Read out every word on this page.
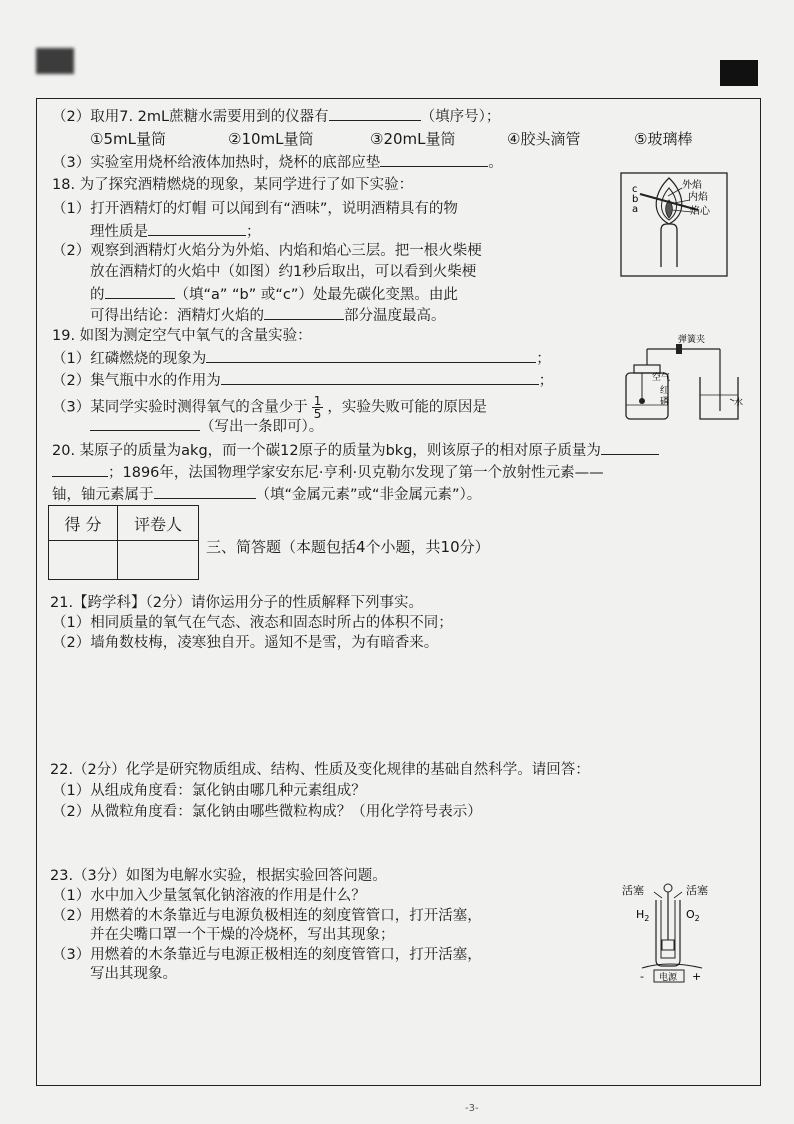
（2）取用7. 2mL蔗糖水需要用到的仪器有	（填序号）；
①5mL量筒	②10mL量筒	③20mL量筒	④胶头滴管	⑤玻璃棒
（3）实验室用烧杯给液体加热时，烧杯的底部应垫	。
18. 为了探究酒精燃烧的现象，某同学进行了如下实验：
（1）打开酒精灯的灯帽 可以闻到有“酒味”，说明酒精具有的物
理性质是	；
（2）观察到酒精灯火焰分为外焰、内焰和焰心三层。把一根火柴梗
放在酒精灯的火焰中（如图）约1秒后取出，可以看到火柴梗
的	（填“a” “b” 或“c”）处最先碳化变黑。由此
可得出结论：酒精灯火焰的	部分温度最高。
外焰
内焰
焰心
c
b
a
19. 如图为测定空气中氧气的含量实验：
（1）红磷燃烧的现象为	；
（2）集气瓶中水的作用为	；
（3）某同学实验时测得氧气的含量少于 $\frac{1}{5}$ ，实验失败可能的原因是
（写出一条即可）。
弹簧夹
空气
红
磷	水
20. 某原子的质量为akg，而一个碳12原子的质量为bkg，则该原子的相对原子质量为
；1896年，法国物理学家安东尼·亨利·贝克勒尔发现了第一个放射性元素——
铀，铀元素属于	（填“金属元素”或“非金属元素”）。
得 分	评卷人

三、简答题（本题包括4个小题，共10分）
21.【跨学科】（2分）请你运用分子的性质解释下列事实。
（1）相同质量的氧气在气态、液态和固态时所占的体积不同；
（2）墙角数枝梅，凌寒独自开。遥知不是雪，为有暗香来。
22.（2分）化学是研究物质组成、结构、性质及变化规律的基础自然科学。请回答：
（1）从组成角度看：氯化钠由哪几种元素组成？
（2）从微粒角度看：氯化钠由哪些微粒构成？（用化学符号表示）
23.（3分）如图为电解水实验，根据实验回答问题。
（1）水中加入少量氢氧化钠溶液的作用是什么？
（2）用燃着的木条靠近与电源负极相连的刻度管管口，打开活塞，
并在尖嘴口罩一个干燥的冷烧杯，写出其现象；
（3）用燃着的木条靠近与电源正极相连的刻度管管口，打开活塞，
写出其现象。
活塞	活塞
$H_2$	$O_2$
电源
-	+
-3-
